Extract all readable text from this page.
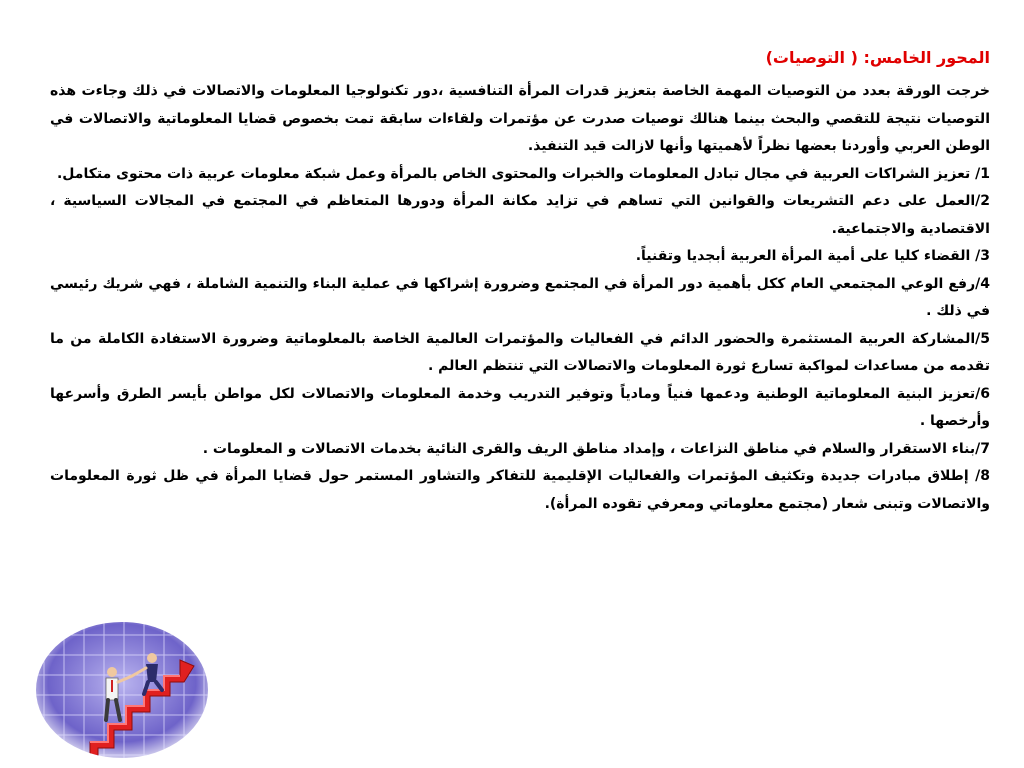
المحور الخامس: ( التوصيات)

خرجت الورقة بعدد من التوصيات المهمة الخاصة بتعزيز قدرات المرأة التنافسية ،دور تكنولوجيا المعلومات والاتصالات في ذلك وجاءت هذه التوصيات نتيجة للتقصي والبحث بينما هنالك توصيات صدرت عن مؤتمرات ولقاءات سابقة تمت بخصوص قضايا المعلوماتية والاتصالات في الوطن العربي وأوردنا بعضها نظراً لأهميتها وأنها لازالت قيد التنفيذ.

1/ تعزيز الشراكات العربية في مجال تبادل المعلومات والخبرات والمحتوى الخاص بالمرأة وعمل شبكة معلومات عربية ذات محتوى متكامل.

2/العمل على دعم التشريعات والقوانين التي تساهم في تزايد مكانة المرأة ودورها المتعاظم في المجتمع في المجالات السياسية ، الاقتصادية والاجتماعية.

3/ القضاء كليا على أمية المرأة العربية أبجديا وتقنياً.

4/رفع الوعي المجتمعي العام ككل بأهمية دور المرأة في المجتمع وضرورة إشراكها في عملية البناء والتنمية الشاملة ، فهي شريك رئيسي في ذلك .

5/المشاركة العربية المستثمرة والحضور الدائم في الفعاليات والمؤتمرات العالمية الخاصة بالمعلوماتية وضرورة الاستفادة الكاملة من ما تقدمه من مساعدات لمواكبة تسارع ثورة المعلومات والاتصالات التي تنتظم العالم .

6/تعزيز البنية المعلوماتية الوطنية ودعمها فنياً ومادياً وتوفير التدريب وخدمة المعلومات والاتصالات لكل مواطن بأيسر الطرق وأسرعها وأرخصها .

7/بناء الاستقرار والسلام في مناطق النزاعات ، وإمداد مناطق الريف والقرى النائية بخدمات الاتصالات و المعلومات .

8/ إطلاق مبادرات جديدة وتكثيف المؤتمرات والفعاليات الإقليمية للتفاكر والتشاور المستمر حول قضايا المرأة في ظل ثورة المعلومات والاتصالات وتبنى شعار (مجتمع معلوماتي ومعرفي تقوده المرأة).
